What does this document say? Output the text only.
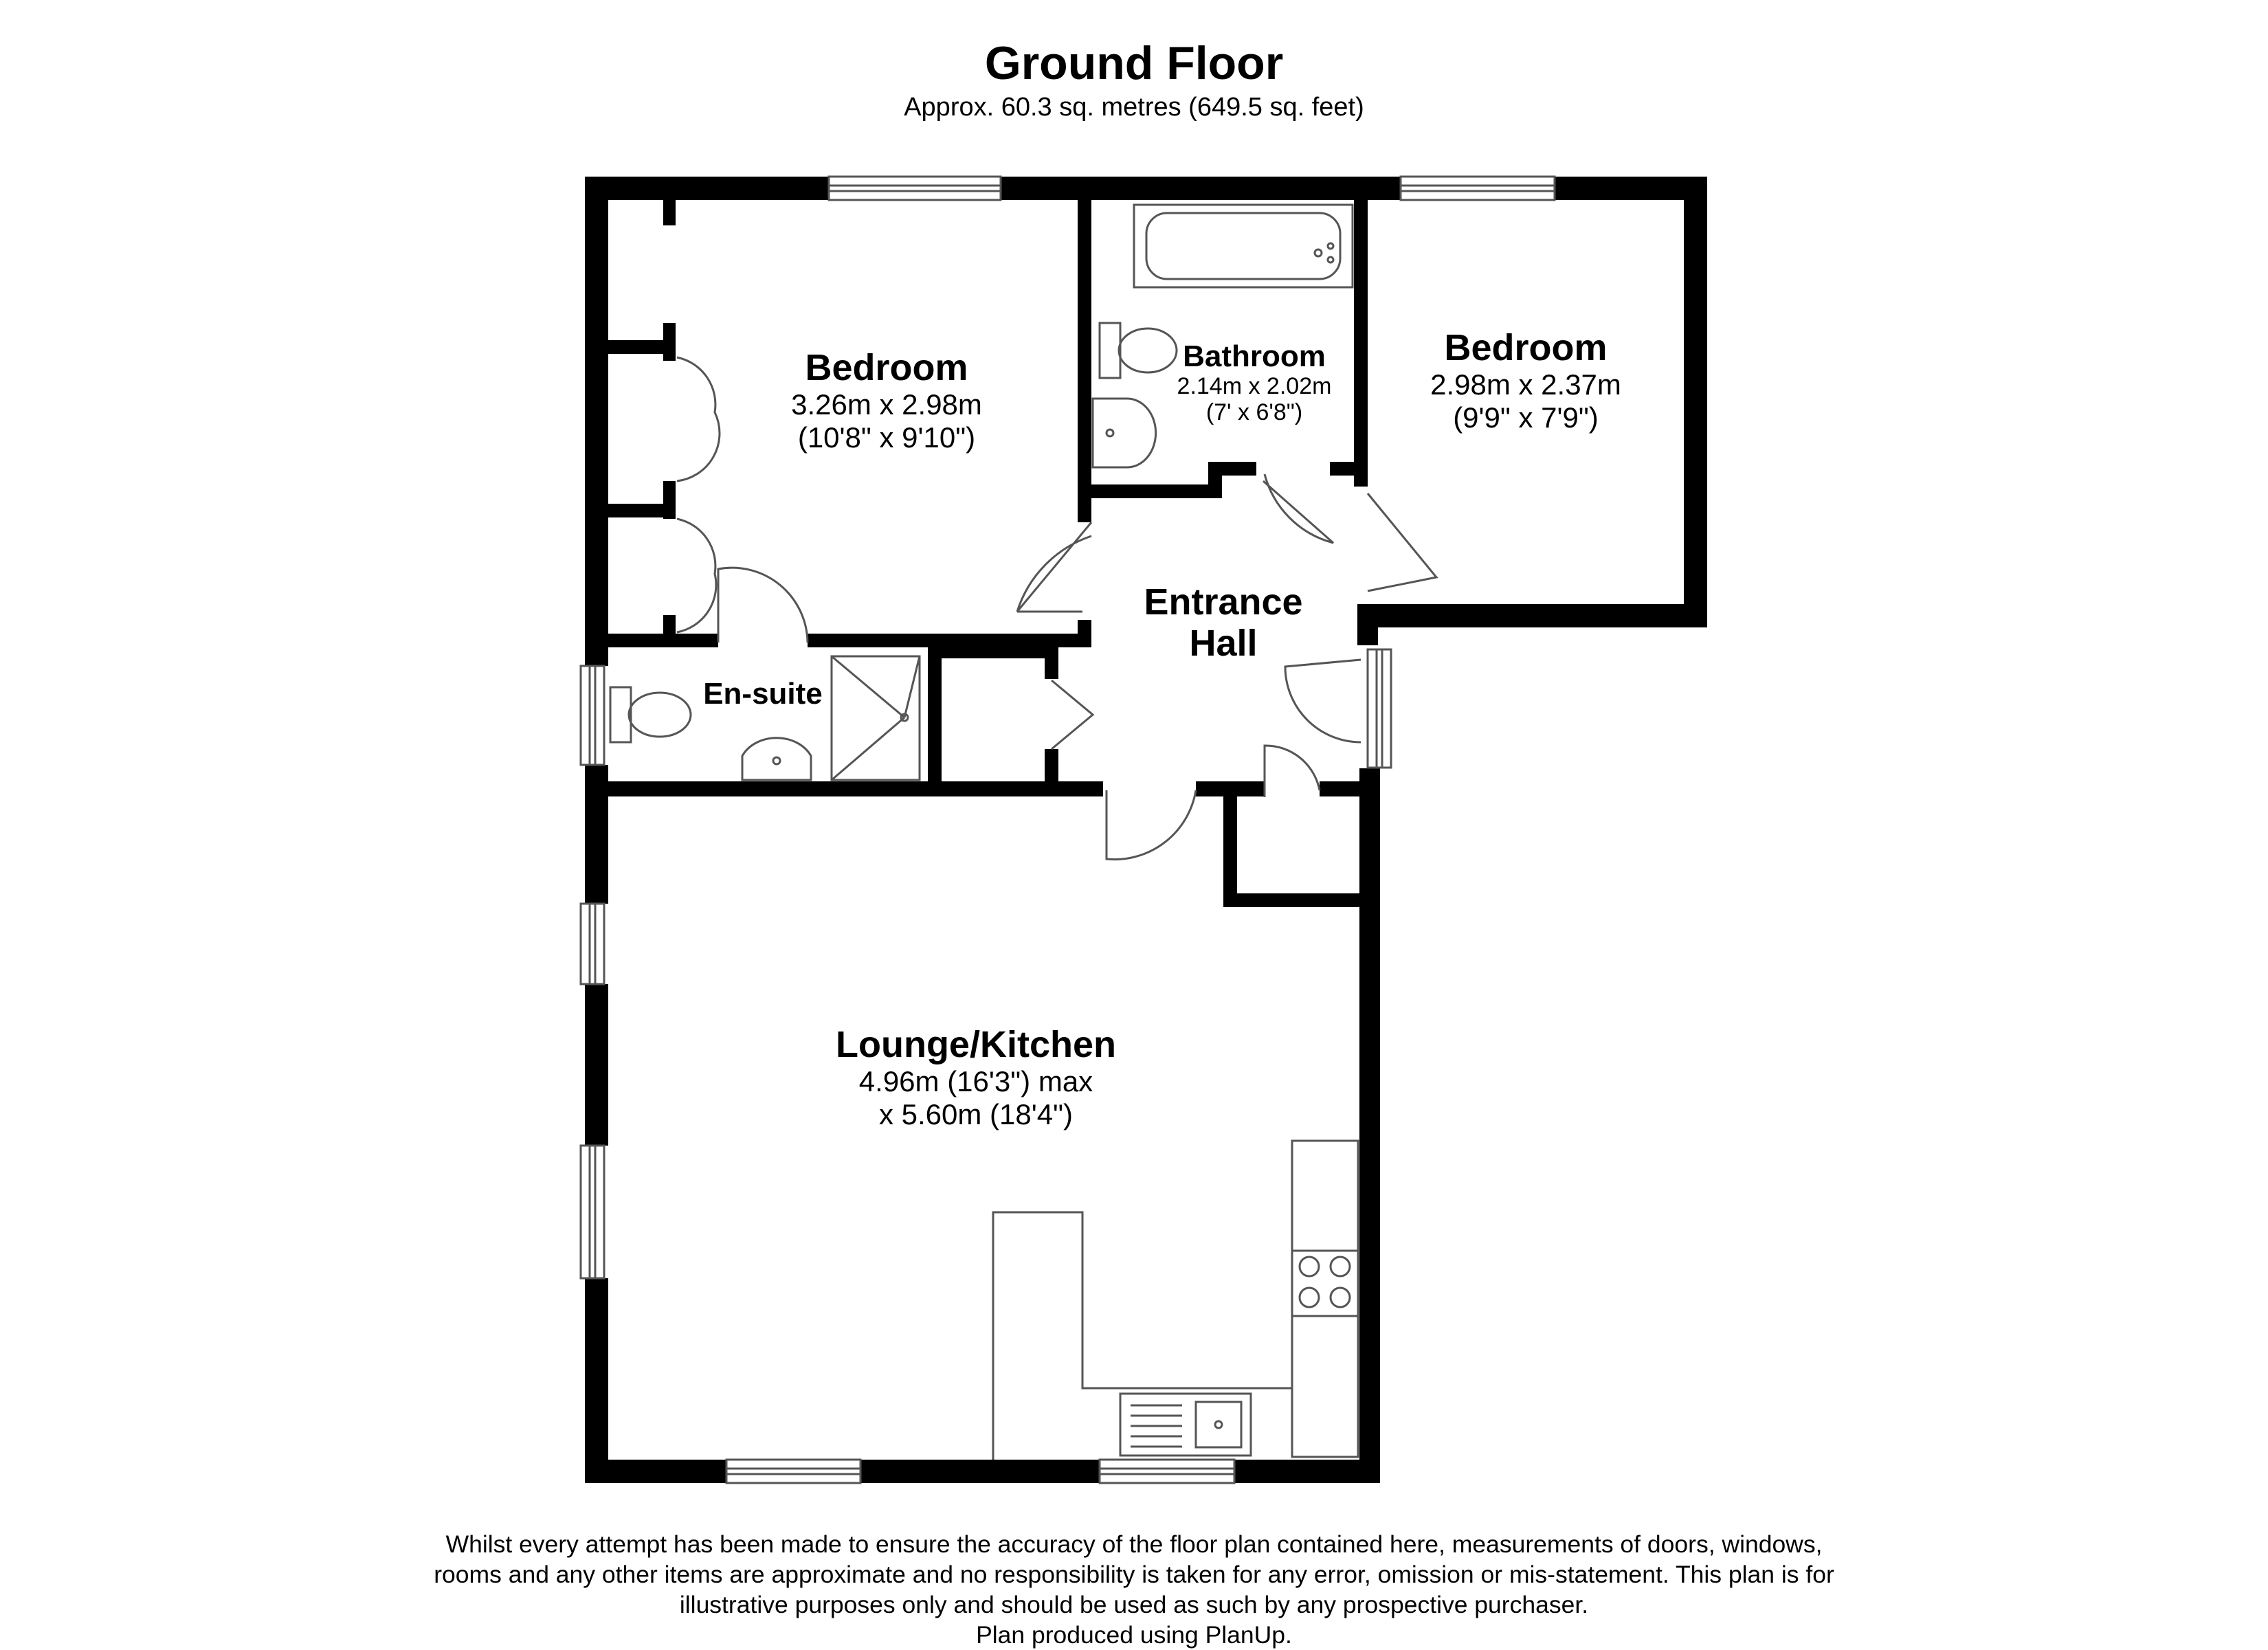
Ground Floor
Approx. 60.3 sq. metres (649.5 sq. feet)
Bedroom
3.26m x 2.98m
(10'8" x 9'10")
Bathroom
2.14m x 2.02m
(7' x 6'8")
Bedroom
2.98m x 2.37m
(9'9" x 7'9")
Entrance
Hall
En-suite
Lounge/Kitchen
4.96m (16'3") max
x 5.60m (18'4")
Whilst every attempt has been made to ensure the accuracy of the floor plan contained here, measurements of doors, windows,
rooms and any other items are approximate and no responsibility is taken for any error, omission or mis-statement. This plan is for
illustrative purposes only and should be used as such by any prospective purchaser.
Plan produced using PlanUp.
